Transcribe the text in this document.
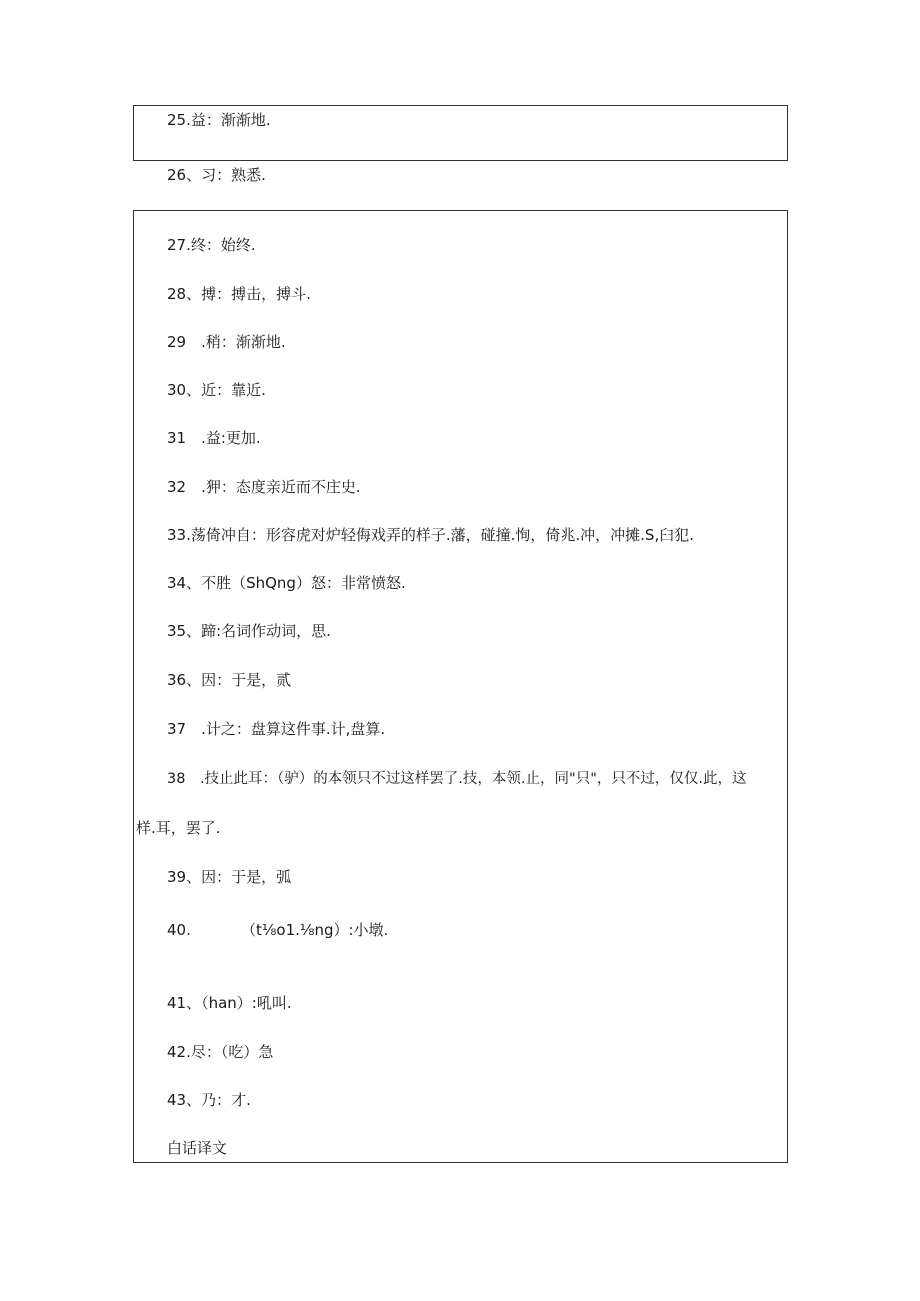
25.益：渐渐地.
26、习：熟悉.
27.终：始终.
28、搏：搏击，搏斗.
29　.稍：渐渐地.
30、近：靠近.
31　.益:更加.
32　.狎：态度亲近而不庄史.
33.荡倚冲自：形容虎对炉轻侮戏弄的样子.藩，碰撞.恂，倚兆.冲，冲摊.S,臼犯.
34、不胜（ShQng）怒：非常愤怒.
35、蹄:名词作动词，思.
36、因：于是，贰
37　.计之：盘算这件事.计,盘算.
38　.技止此耳：（驴）的本领只不过这样罢了.技，本领.止，同"只"，只不过，仅仅.此，这
样.耳，罢了.
39、因：于是，弧
40.	（t⅛o1.⅛ng）:小墩.
41、（han）:吼叫.
42.尽：（吃）急
43、乃：才.
白话译文
